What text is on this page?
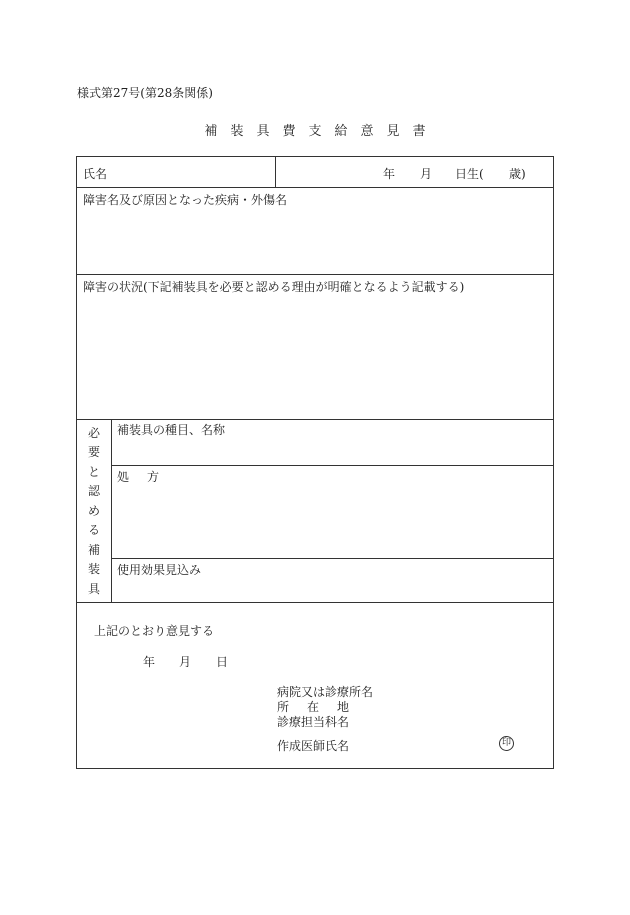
様式第27号(第28条関係)
補装具費支給意見書
氏名	年 月 日生( 歳)
障害名及び原因となった疾病・外傷名
障害の状況(下記補装具を必要と認める理由が明確となるよう記載する)
必
要
と
認
め
る
補
装
具
補装具の種目、名称
処方
使用効果見込み
上記のとおり意見する
年 月 日
病院又は診療所名
所在地
診療担当科名
作成医師氏名	印
